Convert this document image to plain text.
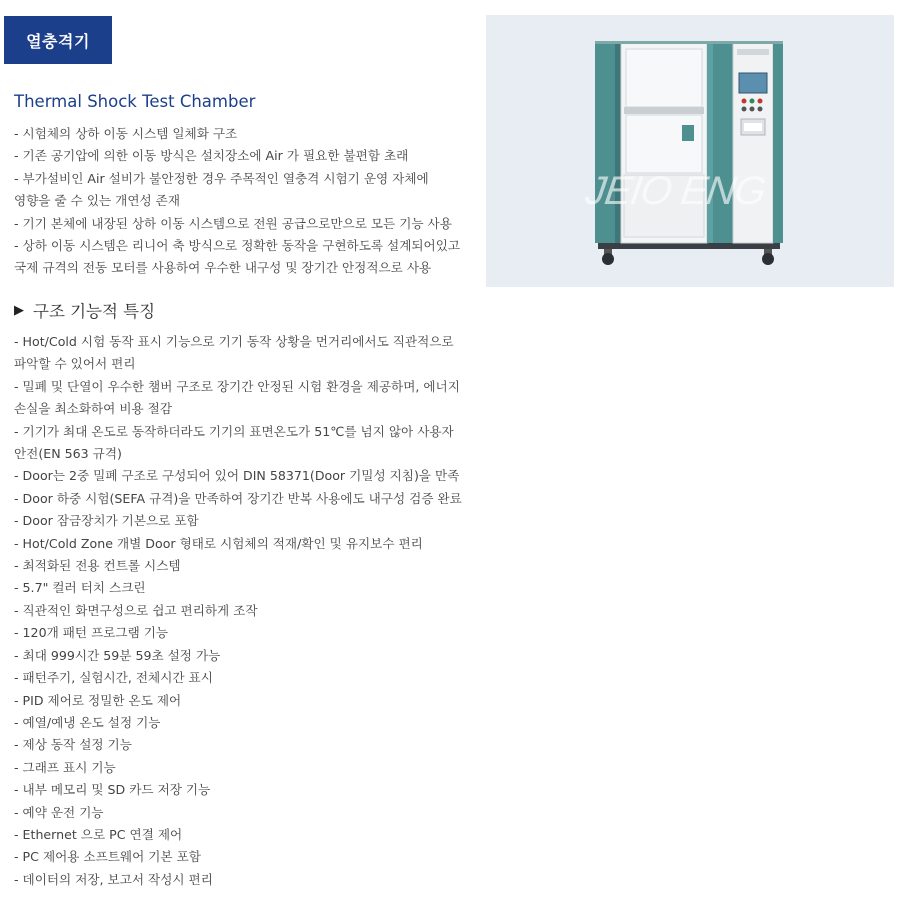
열충격기
Thermal Shock Test Chamber
- 시험체의 상하 이동 시스템 일체화 구조
- 기존 공기압에 의한 이동 방식은 설치장소에 Air 가 필요한 불편함 초래
- 부가설비인 Air 설비가 불안정한 경우 주목적인 열충격 시험기 운영 자체에
영향을 줄 수 있는 개연성 존재
- 기기 본체에 내장된 상하 이동 시스템으로 전원 공급으로만으로 모든 기능 사용
- 상하 이동 시스템은 리니어 축 방식으로 정확한 동작을 구현하도록 설계되어있고
국제 규격의 전동 모터를 사용하여 우수한 내구성 및 장기간 안정적으로 사용
▶ 구조 기능적 특징
- Hot/Cold 시험 동작 표시 기능으로 기기 동작 상황을 먼거리에서도 직관적으로
파악할 수 있어서 편리
- 밀폐 및 단열이 우수한 챔버 구조로 장기간 안정된 시험 환경을 제공하며, 에너지
손실을 최소화하여 비용 절감
- 기기가 최대 온도로 동작하더라도 기기의 표면온도가 51℃를 넘지 않아 사용자
안전(EN 563 규격)
- Door는 2중 밀폐 구조로 구성되어 있어 DIN 58371(Door 기밀성 지침)을 만족
- Door 하중 시험(SEFA 규격)을 만족하여 장기간 반복 사용에도 내구성 검증 완료
- Door 잠금장치가 기본으로 포함
- Hot/Cold Zone 개별 Door 형태로 시험체의 적재/확인 및 유지보수 편리
- 최적화된 전용 컨트롤 시스템
- 5.7" 컬러 터치 스크린
- 직관적인 화면구성으로 쉽고 편리하게 조작
- 120개 패턴 프로그램 기능
- 최대 999시간 59분 59초 설정 가능
- 패턴주기, 실험시간, 전체시간 표시
- PID 제어로 정밀한 온도 제어
- 예열/예냉 온도 설정 기능
- 제상 동작 설정 기능
- 그래프 표시 기능
- 내부 메모리 및 SD 카드 저장 기능
- 예약 운전 기능
- Ethernet 으로 PC 연결 제어
- PC 제어용 소프트웨어 기본 포함
- 데이터의 저장, 보고서 작성시 편리
JEIO ENG
